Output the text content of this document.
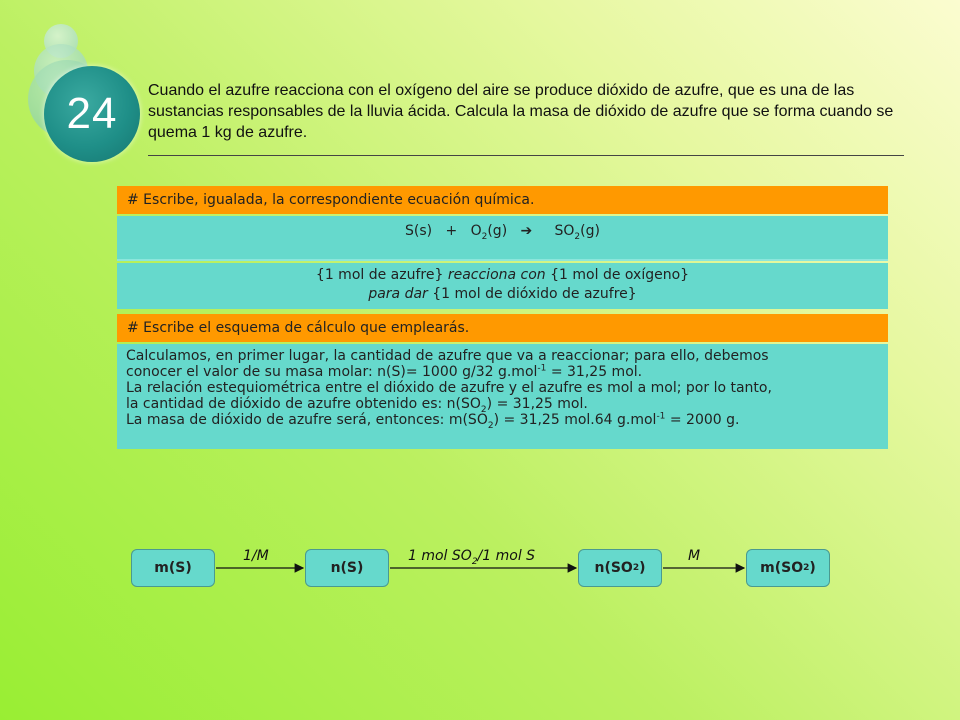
24 Cuando el azufre reacciona con el oxígeno del aire se produce dióxido de azufre, que es una de las sustancias responsables de la lluvia ácida. Calcula la masa de dióxido de azufre que se forma cuando se quema 1 kg de azufre.
# Escribe, igualada, la correspondiente ecuación química.
$S(s) + O_2(g)$ ➔ $SO_2(g)$
{1 mol de azufre} reacciona con {1 mol de oxígeno}
para dar {1 mol de dióxido de azufre}
# Escribe el esquema de cálculo que emplearás.
Calculamos, en primer lugar, la cantidad de azufre que va a reaccionar; para ello, debemos
conocer el valor de su masa molar: n(S)= 1000 g/32 g.mol$^{-1}$ = 31,25 mol.
La relación estequiométrica entre el dióxido de azufre y el azufre es mol a mol; por lo tanto,
la cantidad de dióxido de azufre obtenido es: $n(SO_2) = 31,25$ mol.
La masa de dióxido de azufre será, entonces: $m(SO_2) = 31,25$ mol.64 g.mol$^{-1}$ = 2000 g.
m(S)	n(S)	n(SO 2 )	m(SO 2 )
1/M	1 mol $SO_2/1$ mol S	M
